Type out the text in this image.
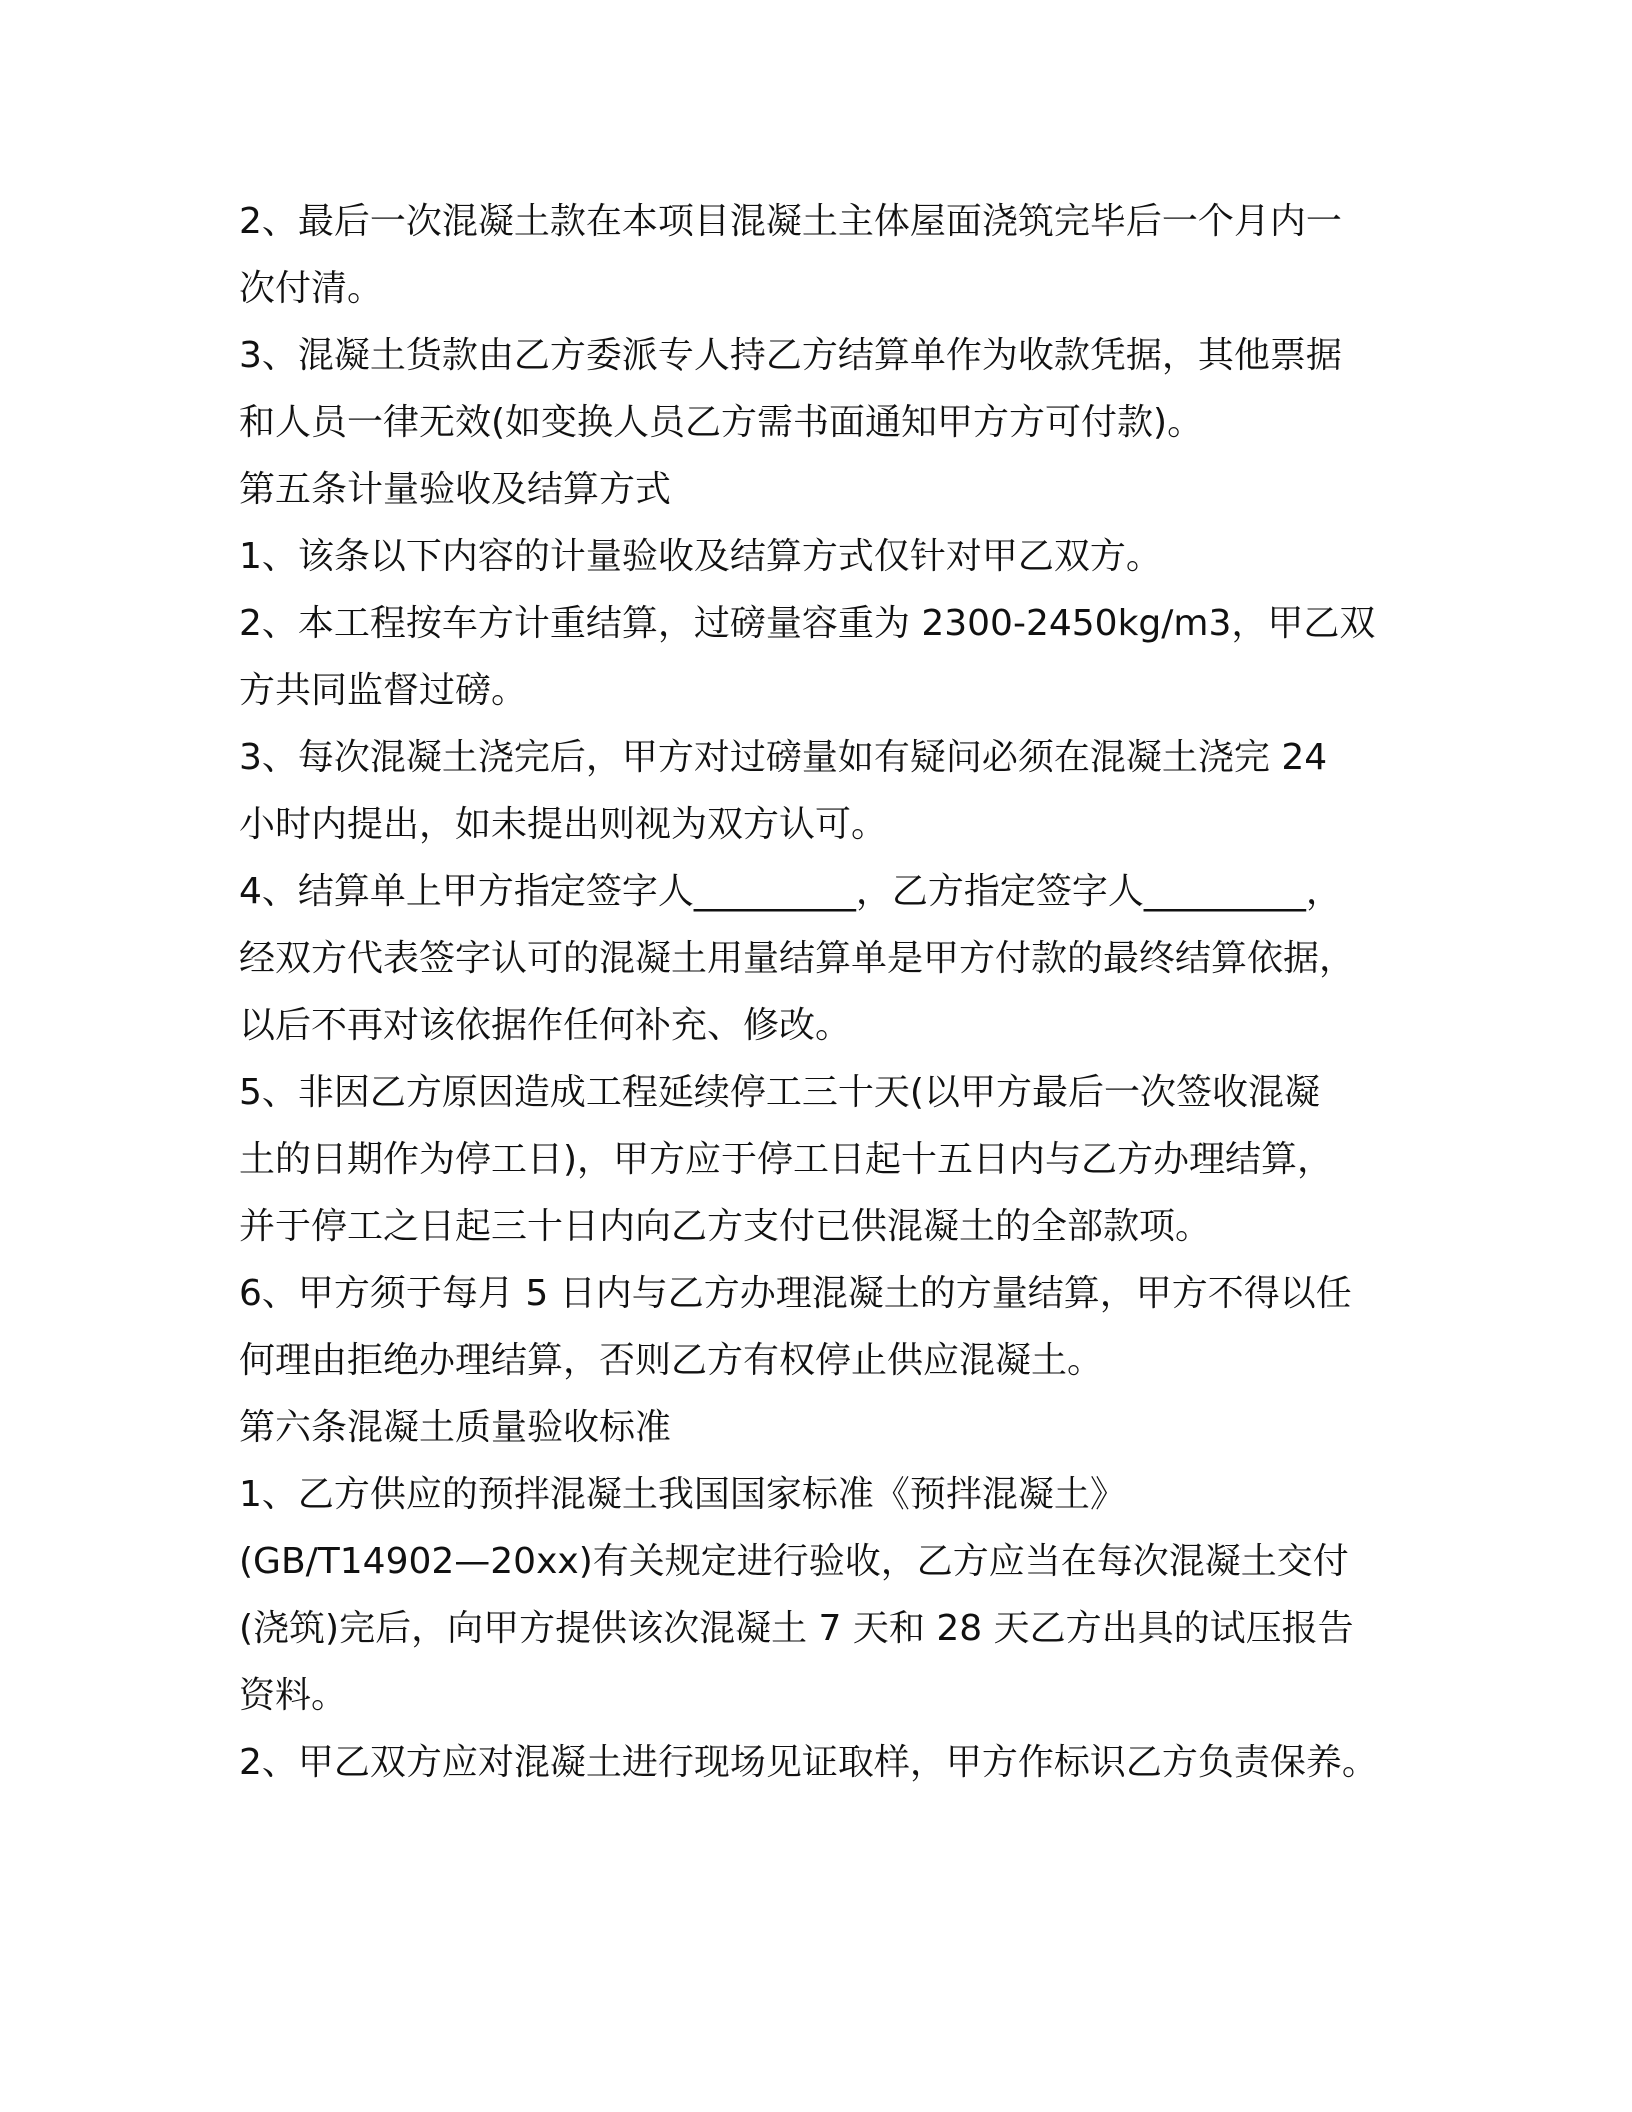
2、最后一次混凝土款在本项目混凝土主体屋面浇筑完毕后一个月内一
次付清。
3、混凝土货款由乙方委派专人持乙方结算单作为收款凭据，其他票据
和人员一律无效(如变换人员乙方需书面通知甲方方可付款)。
第五条计量验收及结算方式
1、该条以下内容的计量验收及结算方式仅针对甲乙双方。
2、本工程按车方计重结算，过磅量容重为 2300-2450kg/m3，甲乙双
方共同监督过磅。
3、每次混凝土浇完后，甲方对过磅量如有疑问必须在混凝土浇完 24
小时内提出，如未提出则视为双方认可。
4、结算单上甲方指定签字人_________，乙方指定签字人_________，
经双方代表签字认可的混凝土用量结算单是甲方付款的最终结算依据，
以后不再对该依据作任何补充、修改。
5、非因乙方原因造成工程延续停工三十天(以甲方最后一次签收混凝
土的日期作为停工日)，甲方应于停工日起十五日内与乙方办理结算，
并于停工之日起三十日内向乙方支付已供混凝土的全部款项。
6、甲方须于每月 5 日内与乙方办理混凝土的方量结算，甲方不得以任
何理由拒绝办理结算，否则乙方有权停止供应混凝土。
第六条混凝土质量验收标准
1、乙方供应的预拌混凝土我国国家标准《预拌混凝土》
(GB/T14902—20xx)有关规定进行验收，乙方应当在每次混凝土交付
(浇筑)完后，向甲方提供该次混凝土 7 天和 28 天乙方出具的试压报告
资料。
2、甲乙双方应对混凝土进行现场见证取样，甲方作标识乙方负责保养。
